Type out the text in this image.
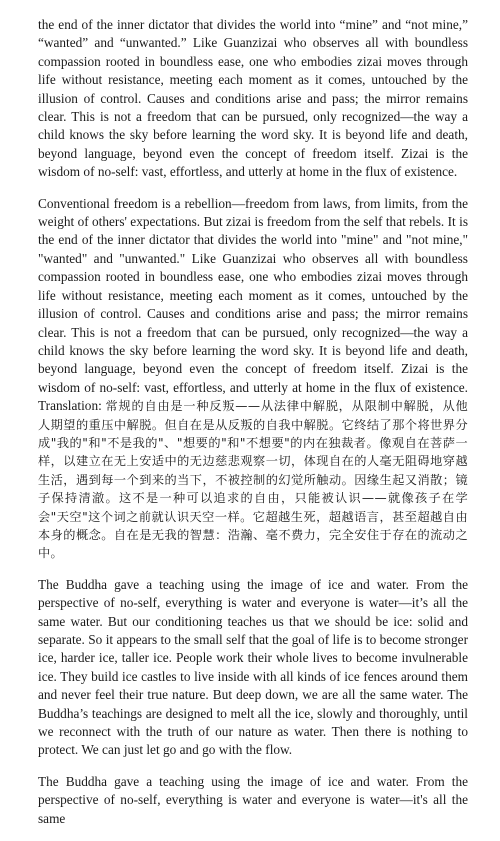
the end of the inner dictator that divides the world into “mine” and “not mine,” “wanted” and “unwanted.” Like Guanzizai who observes all with boundless compassion rooted in boundless ease, one who embodies zizai moves through life without resistance, meeting each moment as it comes, untouched by the illusion of control. Causes and conditions arise and pass; the mirror remains clear. This is not a freedom that can be pursued, only recognized—the way a child knows the sky before learning the word sky. It is beyond life and death, beyond language, beyond even the concept of freedom itself. Zizai is the wisdom of no-self: vast, effortless, and utterly at home in the flux of existence.

Conventional freedom is a rebellion—freedom from laws, from limits, from the weight of others' expectations. But zizai is freedom from the self that rebels. It is the end of the inner dictator that divides the world into "mine" and "not mine," "wanted" and "unwanted." Like Guanzizai who observes all with boundless compassion rooted in boundless ease, one who embodies zizai moves through life without resistance, meeting each moment as it comes, untouched by the illusion of control. Causes and conditions arise and pass; the mirror remains clear. This is not a freedom that can be pursued, only recognized—the way a child knows the sky before learning the word sky. It is beyond life and death, beyond language, beyond even the concept of freedom itself. Zizai is the wisdom of no-self: vast, effortless, and utterly at home in the flux of existence. Translation: 常规的自由是一种反叛——从法律中解脱，从限制中解脱，从他人期望的重压中解脱。但自在是从反叛的自我中解脱。它终结了那个将世界分成"我的"和"不是我的"、"想要的"和"不想要"的内在独裁者。像观自在菩萨一样，以建立在无上安适中的无边慈悲观察一切，体现自在的人毫无阻碍地穿越生活，遇到每一个到来的当下，不被控制的幻觉所触动。因缘生起又消散；镜子保持清澈。这不是一种可以追求的自由，只能被认识——就像孩子在学会"天空"这个词之前就认识天空一样。它超越生死，超越语言，甚至超越自由本身的概念。自在是无我的智慧：浩瀚、毫不费力，完全安住于存在的流动之中。

The Buddha gave a teaching using the image of ice and water. From the perspective of no-self, everything is water and everyone is water—it’s all the same water. But our conditioning teaches us that we should be ice: solid and separate. So it appears to the small self that the goal of life is to become stronger ice, harder ice, taller ice. People work their whole lives to become invulnerable ice. They build ice castles to live inside with all kinds of ice fences around them and never feel their true nature. But deep down, we are all the same water. The Buddha’s teachings are designed to melt all the ice, slowly and thoroughly, until we reconnect with the truth of our nature as water. Then there is nothing to protect. We can just let go and go with the flow.

The Buddha gave a teaching using the image of ice and water. From the perspective of no-self, everything is water and everyone is water—it's all the same
